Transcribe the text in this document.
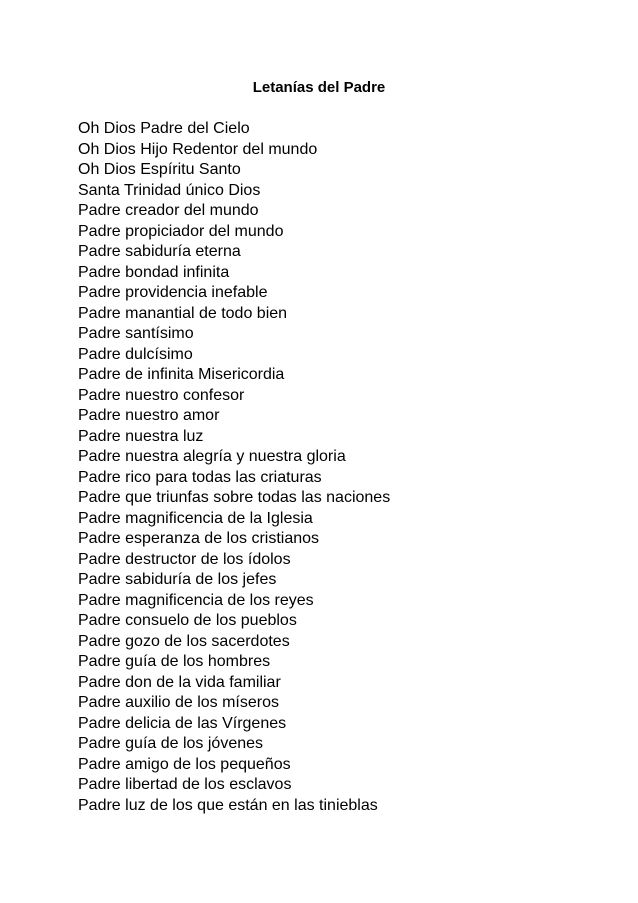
Letanías del Padre
Oh Dios Padre del Cielo
Oh Dios Hijo Redentor del mundo
Oh Dios Espíritu Santo
Santa Trinidad único Dios
Padre creador del mundo
Padre propiciador del mundo
Padre sabiduría eterna
Padre bondad infinita
Padre providencia inefable
Padre manantial de todo bien
Padre santísimo
Padre dulcísimo
Padre de infinita Misericordia
Padre nuestro confesor
Padre nuestro amor
Padre nuestra luz
Padre nuestra alegría y nuestra gloria
Padre rico para todas las criaturas
Padre que triunfas sobre todas las naciones
Padre magnificencia de la Iglesia
Padre esperanza de los cristianos
Padre destructor de los ídolos
Padre sabiduría de los jefes
Padre magnificencia de los reyes
Padre consuelo de los pueblos
Padre gozo de los sacerdotes
Padre guía de los hombres
Padre don de la vida familiar
Padre auxilio de los míseros
Padre delicia de las Vírgenes
Padre guía de los jóvenes
Padre amigo de los pequeños
Padre libertad de los esclavos
Padre luz de los que están en las tinieblas
